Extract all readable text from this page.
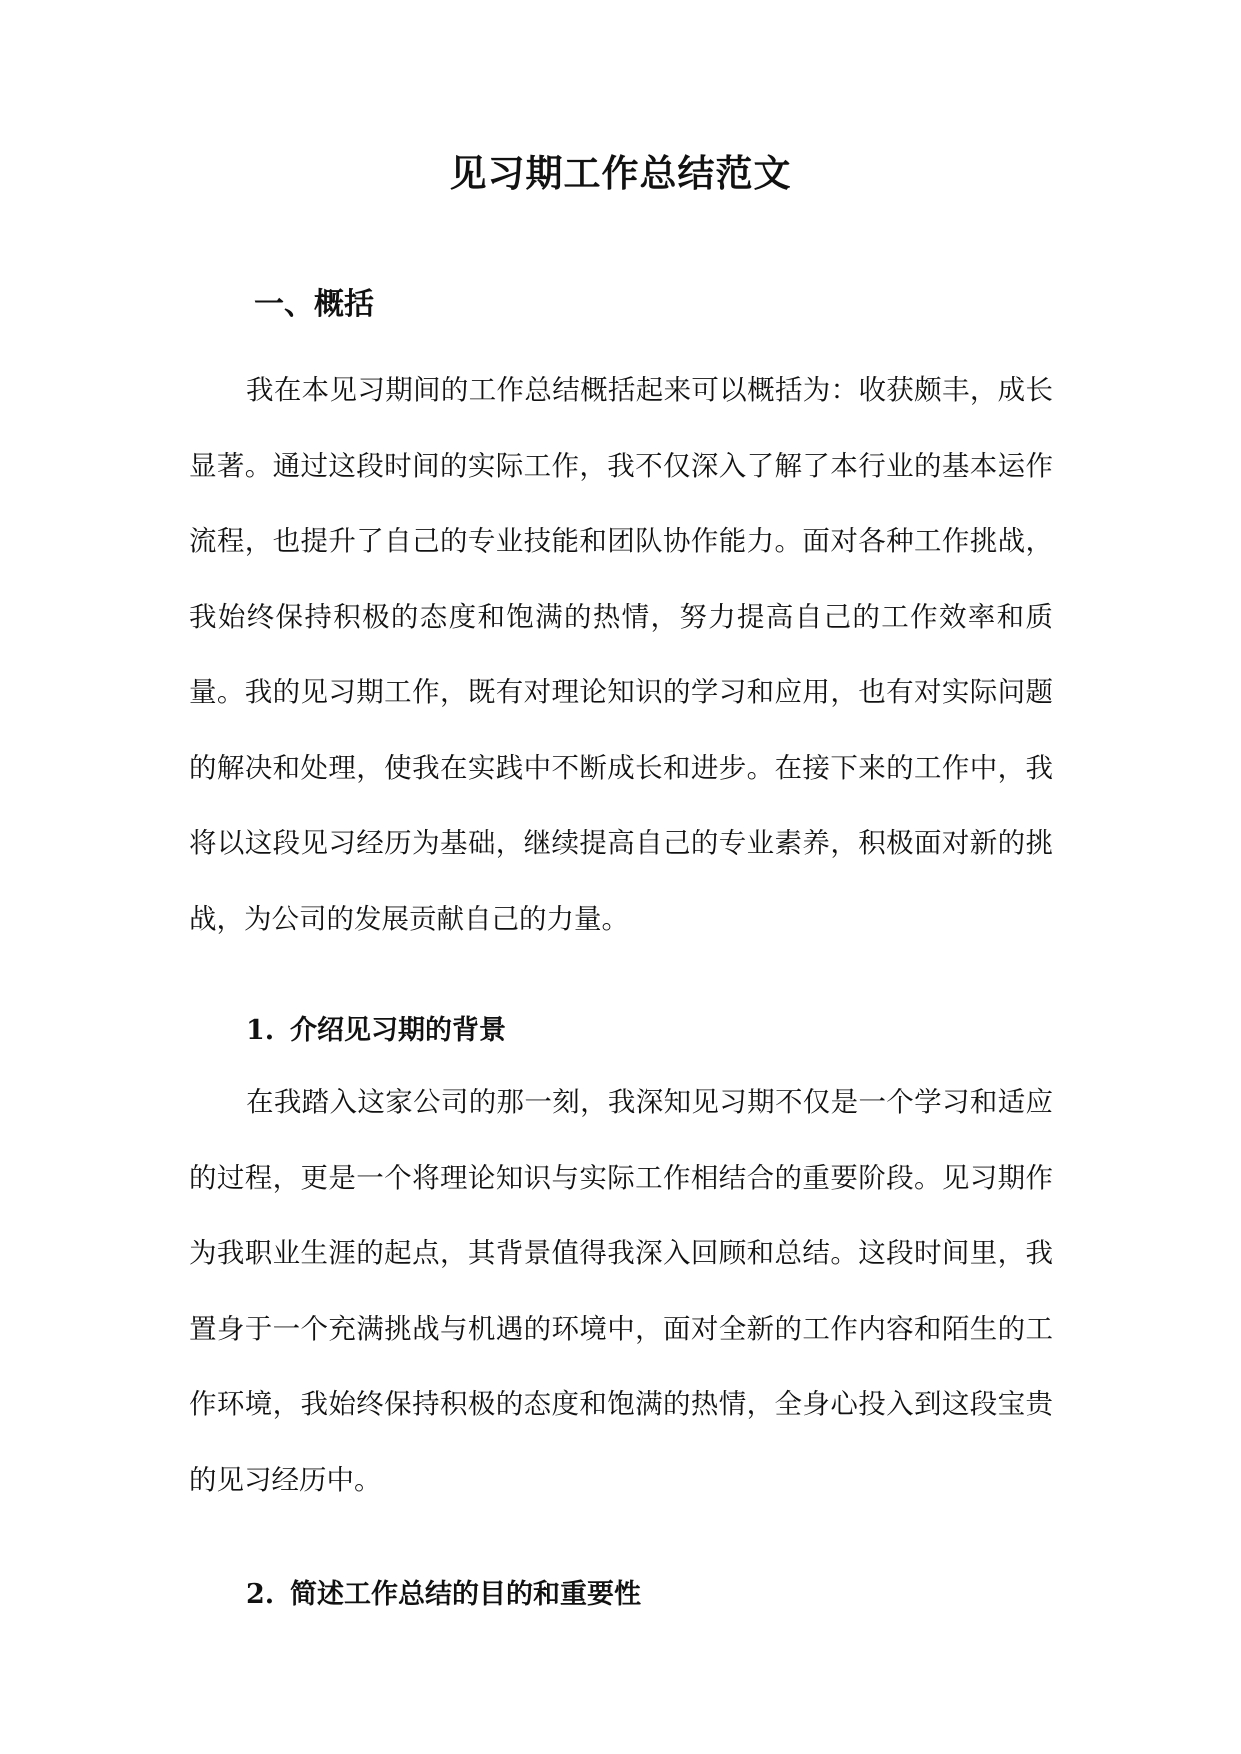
见习期工作总结范文
一、概括

我在本见习期间的工作总结概括起来可以概括为：收获颇丰，成长显著。通过这段时间的实际工作，我不仅深入了解了本行业的基本运作流程，也提升了自己的专业技能和团队协作能力。面对各种工作挑战，我始终保持积极的态度和饱满的热情，努力提高自己的工作效率和质量。我的见习期工作，既有对理论知识的学习和应用，也有对实际问题的解决和处理，使我在实践中不断成长和进步。在接下来的工作中，我将以这段见习经历为基础，继续提高自己的专业素养，积极面对新的挑战，为公司的发展贡献自己的力量。

1. 介绍见习期的背景

在我踏入这家公司的那一刻，我深知见习期不仅是一个学习和适应的过程，更是一个将理论知识与实际工作相结合的重要阶段。见习期作为我职业生涯的起点，其背景值得我深入回顾和总结。这段时间里，我置身于一个充满挑战与机遇的环境中，面对全新的工作内容和陌生的工作环境，我始终保持积极的态度和饱满的热情，全身心投入到这段宝贵的见习经历中。

2. 简述工作总结的目的和重要性
